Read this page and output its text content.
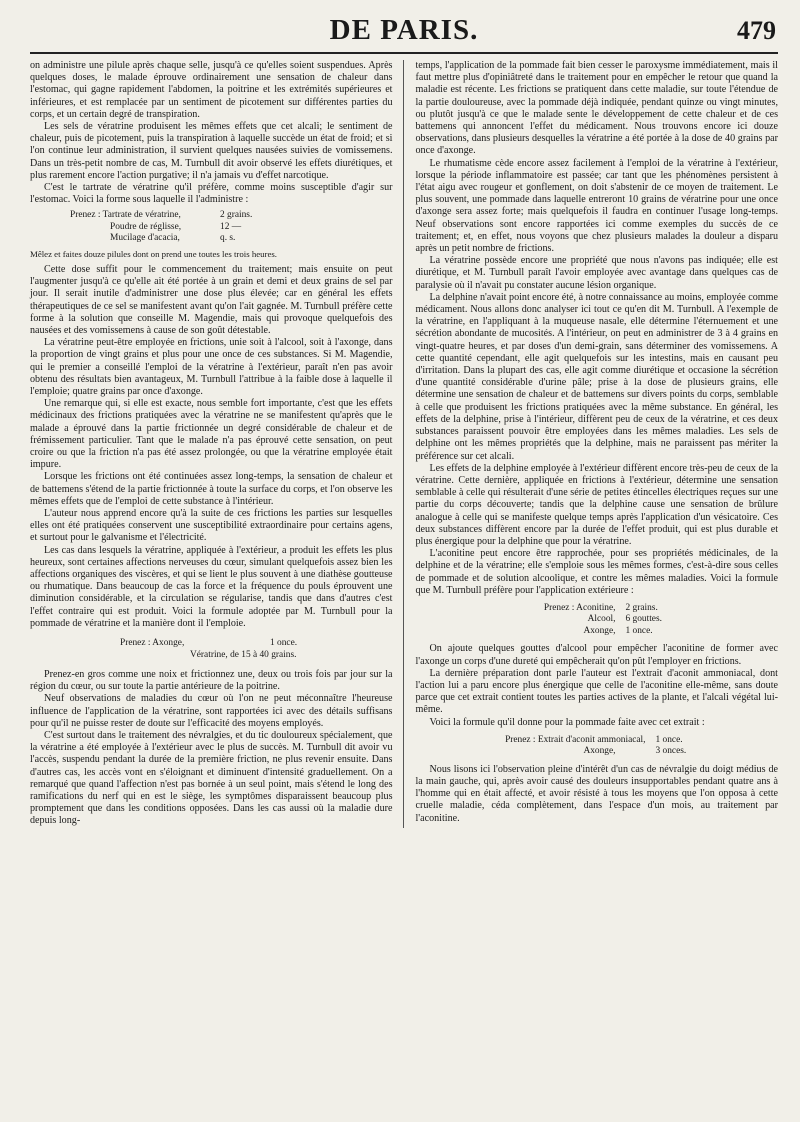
DE PARIS.	479

on administre une pilule après chaque selle, jusqu'à ce qu'elles soient suspendues. Après quelques doses, le malade éprouve ordinairement une sensation de chaleur dans l'estomac, qui gagne rapidement l'abdomen, la poitrine et les extrémités supérieures et inférieures, et est remplacée par un sentiment de picotement sur différentes parties du corps, et un certain degré de transpiration.

Les sels de vératrine produisent les mêmes effets que cet alcali; le sentiment de chaleur, puis de picotement, puis la transpiration à laquelle succède un état de froid; et si l'on continue leur administration, il survient quelques nausées suivies de vomissemens. Dans un très-petit nombre de cas, M. Turnbull dit avoir observé les effets diurétiques, et plus rarement encore l'action purgative; il n'a jamais vu d'effet narcotique.

C'est le tartrate de vératrine qu'il préfère, comme moins susceptible d'agir sur l'estomac. Voici la forme sous laquelle il l'administre :

Prenez : Tartrate de vératrine,	2 grains.
Poudre de réglisse,	12 —
Mucilage d'acacia,	q. s.

Mêlez et faites douze pilules dont on prend une toutes les trois heures.

Cette dose suffit pour le commencement du traitement; mais ensuite on peut l'augmenter jusqu'à ce qu'elle ait été portée à un grain et demi et deux grains de sel par jour. Il serait inutile d'administrer une dose plus élevée; car en général les effets thérapeutiques de ce sel se manifestent avant qu'on l'ait gagnée. M. Turnbull préfère cette forme à la solution que conseille M. Magendie, mais qui provoque quelquefois des nausées et des vomissemens à cause de son goût détestable.

La vératrine peut-être employée en frictions, unie soit à l'alcool, soit à l'axonge, dans la proportion de vingt grains et plus pour une once de ces substances. Si M. Magendie, qui le premier a conseillé l'emploi de la vératrine à l'extérieur, paraît n'en pas avoir obtenu des résultats bien avantageux, M. Turnbull l'attribue à la faible dose à laquelle il l'emploie; quatre grains par once d'axonge.

Une remarque qui, si elle est exacte, nous semble fort importante, c'est que les effets médicinaux des frictions pratiquées avec la vératrine ne se manifestent qu'après que le malade a éprouvé dans la partie frictionnée un degré considérable de chaleur et de frémissement particulier. Tant que le malade n'a pas éprouvé cette sensation, on peut croire ou que la friction n'a pas été assez prolongée, ou que la vératrine employée était impure.

Lorsque les frictions ont été continuées assez long-temps, la sensation de chaleur et de battemens s'étend de la partie frictionnée à toute la surface du corps, et l'on observe les mêmes effets que de l'emploi de cette substance à l'intérieur.

L'auteur nous apprend encore qu'à la suite de ces frictions les parties sur lesquelles elles ont été pratiquées conservent une susceptibilité extraordinaire pour certains agens, et surtout pour le galvanisme et l'électricité.

Les cas dans lesquels la vératrine, appliquée à l'extérieur, a produit les effets les plus heureux, sont certaines affections nerveuses du cœur, simulant quelquefois assez bien les affections organiques des viscères, et qui se lient le plus souvent à une diathèse goutteuse ou rhumatique. Dans beaucoup de cas la force et la fréquence du pouls éprouvent une diminution considérable, et la circulation se régularise, tandis que dans d'autres c'est l'effet contraire qui est produit. Voici la formule adoptée par M. Turnbull pour la pommade de vératrine et la manière dont il l'emploie.

Prenez : Axonge,	1 once.
Vératrine, de 15 à 40 grains.

Prenez-en gros comme une noix et frictionnez une, deux ou trois fois par jour sur la région du cœur, ou sur toute la partie antérieure de la poitrine.

Neuf observations de maladies du cœur où l'on ne peut méconnaître l'heureuse influence de l'application de la vératrine, sont rapportées ici avec des détails suffisans pour qu'il ne puisse rester de doute sur l'efficacité des moyens employés.

C'est surtout dans le traitement des névralgies, et du tic douloureux spécialement, que la vératrine a été employée à l'extérieur avec le plus de succès. M. Turnbull dit avoir vu l'accès, suspendu pendant la durée de la première friction, ne plus revenir ensuite. Dans d'autres cas, les accès vont en s'éloignant et diminuent d'intensité graduellement. On a remarqué que quand l'affection n'est pas bornée à un seul point, mais s'étend le long des ramifications du nerf qui en est le siège, les symptômes disparaissent beaucoup plus promptement que dans les conditions opposées. Dans les cas aussi où la maladie dure depuis long-

temps, l'application de la pommade fait bien cesser le paroxysme immédiatement, mais il faut mettre plus d'opiniâtreté dans le traitement pour en empêcher le retour que quand la maladie est récente. Les frictions se pratiquent dans cette maladie, sur toute l'étendue de la partie douloureuse, avec la pommade déjà indiquée, pendant quinze ou vingt minutes, ou plutôt jusqu'à ce que le malade sente le développement de cette chaleur et de ces battemens qui annoncent l'effet du médicament. Nous trouvons encore ici douze observations, dans plusieurs desquelles la vératrine a été portée à la dose de 40 grains par once d'axonge.

Le rhumatisme cède encore assez facilement à l'emploi de la vératrine à l'extérieur, lorsque la période inflammatoire est passée; car tant que les phénomènes persistent à l'état aigu avec rougeur et gonflement, on doit s'abstenir de ce moyen de traitement. Le plus souvent, une pommade dans laquelle entreront 10 grains de vératrine pour une once d'axonge sera assez forte; mais quelquefois il faudra en continuer l'usage long-temps. Neuf observations sont encore rapportées ici comme exemples du succès de ce traitement; et, en effet, nous voyons que chez plusieurs malades la douleur a disparu après un petit nombre de frictions.

La vératrine possède encore une propriété que nous n'avons pas indiquée; elle est diurétique, et M. Turnbull paraît l'avoir employée avec avantage dans quelques cas de paralysie où il n'avait pu constater aucune lésion organique.

La delphine n'avait point encore été, à notre connaissance au moins, employée comme médicament. Nous allons donc analyser ici tout ce qu'en dit M. Turnbull. A l'exemple de la vératrine, en l'appliquant à la muqueuse nasale, elle détermine l'éternuement et une sécrétion abondante de mucosités. A l'intérieur, on peut en administrer de 3 à 4 grains en vingt-quatre heures, et par doses d'un demi-grain, sans déterminer des vomissemens. A cette quantité cependant, elle agit quelquefois sur les intestins, mais en causant peu d'irritation. Dans la plupart des cas, elle agit comme diurétique et occasione la sécrétion d'une quantité considérable d'urine pâle; prise à la dose de plusieurs grains, elle détermine une sensation de chaleur et de battemens sur divers points du corps, semblable à celle que produisent les frictions pratiquées avec la même substance. En général, les effets de la delphine, prise à l'intérieur, diffèrent peu de ceux de la vératrine, et ces deux substances paraissent pouvoir être employées dans les mêmes maladies. Les sels de delphine ont les mêmes propriétés que la delphine, mais ne paraissent pas mériter la préférence sur cet alcali.

Les effets de la delphine employée à l'extérieur diffèrent encore très-peu de ceux de la vératrine. Cette dernière, appliquée en frictions à l'extérieur, détermine une sensation semblable à celle qui résulterait d'une série de petites étincelles électriques reçues sur une partie du corps découverte; tandis que la delphine cause une sensation de brûlure analogue à celle qui se manifeste quelque temps après l'application d'un vésicatoire. Ces deux substances diffèrent encore par la durée de l'effet produit, qui est plus durable et plus énergique pour la delphine que pour la vératrine.

L'aconitine peut encore être rapprochée, pour ses propriétés médicinales, de la delphine et de la vératrine; elle s'emploie sous les mêmes formes, c'est-à-dire sous celles de pommade et de solution alcoolique, et contre les mêmes maladies. Voici la formule que M. Turnbull préfère pour l'application extérieure :

Prenez : Aconitine,	2 grains.
Alcool,	6 gouttes.
Axonge,	1 once.

On ajoute quelques gouttes d'alcool pour empêcher l'aconitine de former avec l'axonge un corps d'une dureté qui empêcherait qu'on pût l'employer en frictions.

La dernière préparation dont parle l'auteur est l'extrait d'aconit ammoniacal, dont l'action lui a paru encore plus énergique que celle de l'aconitine elle-même, sans doute parce que cet extrait contient toutes les parties actives de la plante, et l'alcali végétal lui-même.

Voici la formule qu'il donne pour la pommade faite avec cet extrait :

Prenez : Extrait d'aconit ammoniacal,	1 once.
Axonge,	3 onces.

Nous lisons ici l'observation pleine d'intérêt d'un cas de névralgie du doigt médius de la main gauche, qui, après avoir causé des douleurs insupportables pendant quatre ans à l'homme qui en était affecté, et avoir résisté à tous les moyens que l'on opposa à cette cruelle maladie, céda complètement, dans l'espace d'un mois, au traitement par l'aconitine.
